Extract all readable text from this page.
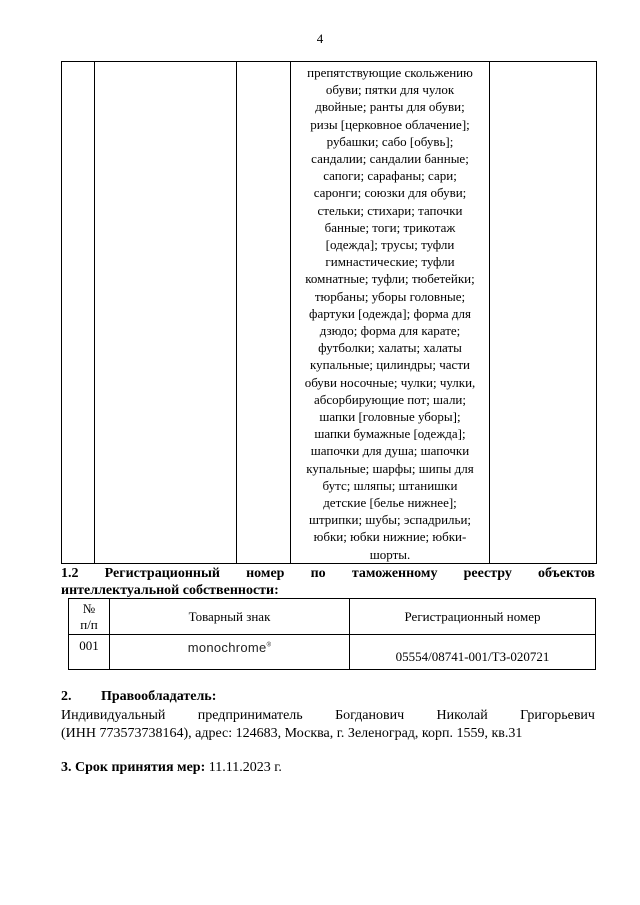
4

препятствующие скольжению
обуви; пятки для чулок
двойные; ранты для обуви;
ризы [церковное облачение];
рубашки; сабо [обувь];
сандалии; сандалии банные;
сапоги; сарафаны; сари;
саронги; союзки для обуви;
стельки; стихари; тапочки
банные; тоги; трикотаж
[одежда]; трусы; туфли
гимнастические; туфли
комнатные; туфли; тюбетейки;
тюрбаны; уборы головные;
фартуки [одежда]; форма для
дзюдо; форма для карате;
футболки; халаты; халаты
купальные; цилиндры; части
обуви носочные; чулки; чулки,
абсорбирующие пот; шали;
шапки [головные уборы];
шапки бумажные [одежда];
шапочки для душа; шапочки
купальные; шарфы; шипы для
бутс; шляпы; штанишки
детские [белье нижнее];
штрипки; шубы; эспадрильи;
юбки; юбки нижние; юбки-
шорты.

1.2 Регистрационный номер по таможенному реестру объектов
интеллектуальной собственности:
№
п/п	Товарный знак	Регистрационный номер
001	monochrome®	05554/08741-001/ТЗ-020721
2. Правообладатель:
Индивидуальный предприниматель Богданович Николай Григорьевич
(ИНН 773573738164), адрес: 124683, Москва, г. Зеленоград, корп. 1559, кв.31
3. Срок принятия мер: 11.11.2023 г.
